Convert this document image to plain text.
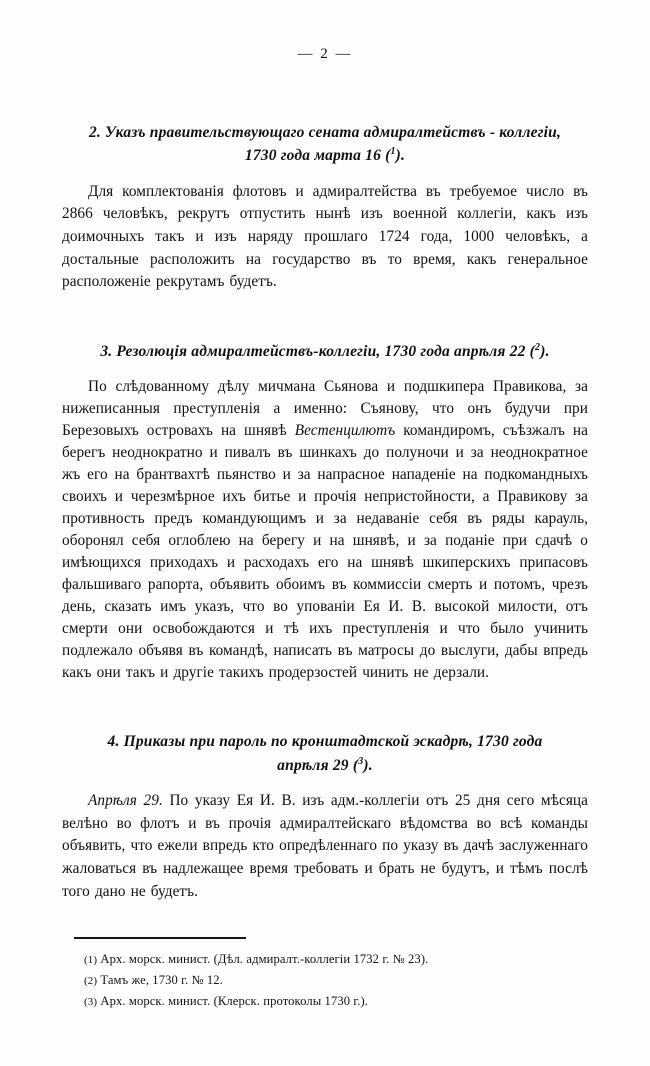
— 2 —
2. Указъ правительствующаго сената адмиралтействъ - коллегіи,
1730 года марта 16 ($^1$).

Для комплектованія флотовъ и адмиралтейства въ требуемое число въ 2866 человѣкъ, рекрутъ отпустить нынѣ изъ военной коллегіи, какъ изъ доимочныхъ такъ и изъ наряду прошлаго 1724 года, 1000 человѣкъ, а достальные расположить на государство въ то время, какъ генеральное расположеніе рекрутамъ будетъ.

3. Резолюція адмиралтействъ-коллегіи, 1730 года апрѣля 22 ($^2$).

По слѣдованному дѣлу мичмана Сьянова и подшкипера Правикова, за нижеписанныя преступленія а именно: Съянову, что онъ будучи при Березовыхъ островахъ на шнявѣ Вестенцилютъ командиромъ, съѣзжалъ на берегъ неоднократно и пивалъ въ шинкахъ до полуночи и за неоднократное жъ его на брантвахтѣ пьянство и за напрасное нападеніе на подкомандныхъ своихъ и черезмѣрное ихъ битье и прочія непристойности, а Правикову за противность предъ командующимъ и за недаваніе себя въ ряды карауль, оборонял себя оглоблею на берегу и на шнявѣ, и за поданіе при сдачѣ о имѣющихся приходахъ и расходахъ его на шнявѣ шкиперскихъ припасовъ фальшиваго рапорта, объявить обоимъ въ коммиссіи смерть и потомъ, чрезъ день, сказать имъ указъ, что во упованіи Ея И. В. высокой милости, отъ смерти они освобождаются и тѣ ихъ преступленія и что было учинить подлежало объявя въ командѣ, написать въ матросы до выслуги, дабы впредь какъ они такъ и другіе такихъ продерзостей чинить не дерзали.

4. Приказы при пароль по кронштадтской эскадрѣ, 1730 года
апрѣля 29 ($^3$).

Апрѣля 29. По указу Ея И. В. изъ адм.-коллегіи отъ 25 дня сего мѣсяца велѣно во флотъ и въ прочія адмиралтейскаго вѣдомства во всѣ команды объявить, что ежели впредь кто опредѣленнаго по указу въ дачѣ заслуженнаго жаловаться въ надлежащее время требовать и брать не будутъ, и тѣмъ послѣ того дано не будетъ.

(1) Арх. морск. минист. (Дѣл. адмиралт.-коллегіи 1732 г. № 23).
(2) Тамъ же, 1730 г. № 12.
(3) Арх. морск. минист. (Клерск. протоколы 1730 г.).
